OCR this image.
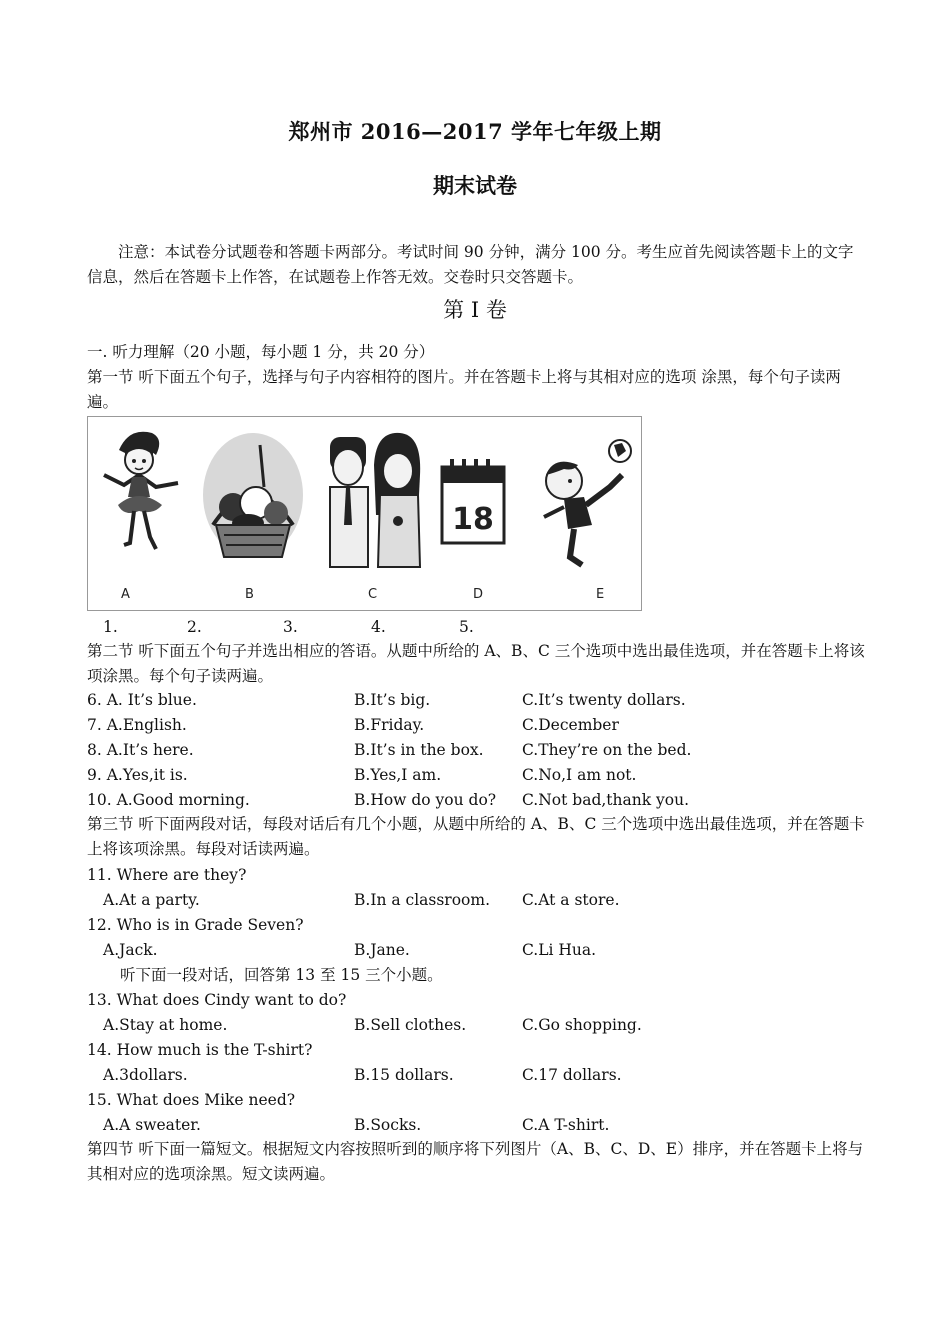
郑州市 2016—2017 学年七年级上期
期末试卷
注意：本试卷分试题卷和答题卡两部分。考试时间 90 分钟，满分 100 分。考生应首先阅读答题卡上的文字信息，然后在答题卡上作答，在试题卷上作答无效。交卷时只交答题卡。
第 I 卷
一. 听力理解（20 小题，每小题 1 分，共 20 分）
第一节 听下面五个句子，选择与句子内容相符的图片。并在答题卡上将与其相对应的选项 涂黑，每个句子读两遍。
18
A	B	C	D	E
1.	2.	3.	4.	5.
第二节 听下面五个句子并选出相应的答语。从题中所给的 A、B、C 三个选项中选出最佳选项，并在答题卡上将该项涂黑。每个句子读两遍。
6. A. It’s blue.	B.It’s big.	C.It’s twenty dollars.
7. A.English.	B.Friday.	C.December
8. A.It’s here.	B.It’s in the box. C.They’re on the bed.
9. A.Yes,it is.	B.Yes,I am.	C.No,I am not.
10. A.Good morning.	B.How do you do? C.Not bad,thank you.
第三节 听下面两段对话，每段对话后有几个小题，从题中所给的 A、B、C 三个选项中选出最佳选项，并在答题卡上将该项涂黑。每段对话读两遍。
11. Where are they?
A.At a party.	B.In a classroom. C.At a store.
12. Who is in Grade Seven?
A.Jack.	B.Jane.	C.Li Hua.
听下面一段对话，回答第 13 至 15 三个小题。
13. What does Cindy want to do?
A.Stay at home.	B.Sell clothes.	C.Go shopping.
14. How much is the T-shirt?
A.3dollars.	B.15 dollars.	C.17 dollars.
15. What does Mike need?
A.A sweater.	B.Socks.	C.A T-shirt.
第四节 听下面一篇短文。根据短文内容按照听到的顺序将下列图片（A、B、C、D、E）排序，并在答题卡上将与其相对应的选项涂黑。短文读两遍。
